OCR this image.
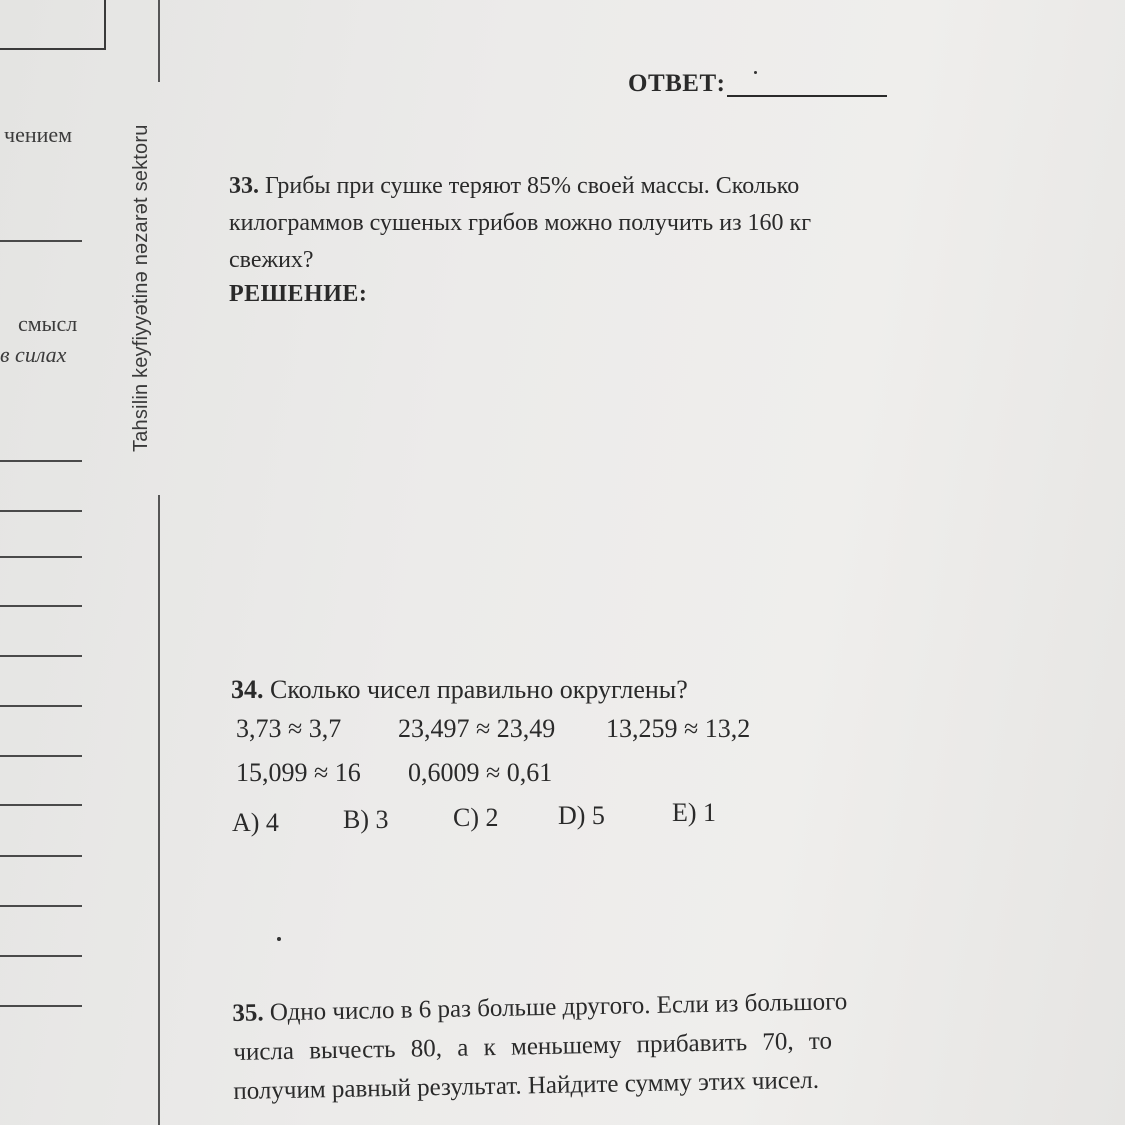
Tahsilin keyfiyyətinə nəzarət sektoru
чением
смысл
в силах
ОТВЕТ:
33. Грибы при сушке теряют 85% своей массы. Сколько
килограммов сушеных грибов можно получить из 160 кг
свежих?
РЕШЕНИЕ:
34. Сколько чисел правильно округлены?
3,73 ≈ 3,7 23,497 ≈ 23,49 13,259 ≈ 13,2
15,099 ≈ 16 0,6009 ≈ 0,61
A) 4 B) 3 C) 2 D) 5	E) 1
35. Одно число в 6 раз больше другого. Если из большого
числа вычесть 80, а к меньшему прибавить 70, то
получим равный результат. Найдите сумму этих чисел.
